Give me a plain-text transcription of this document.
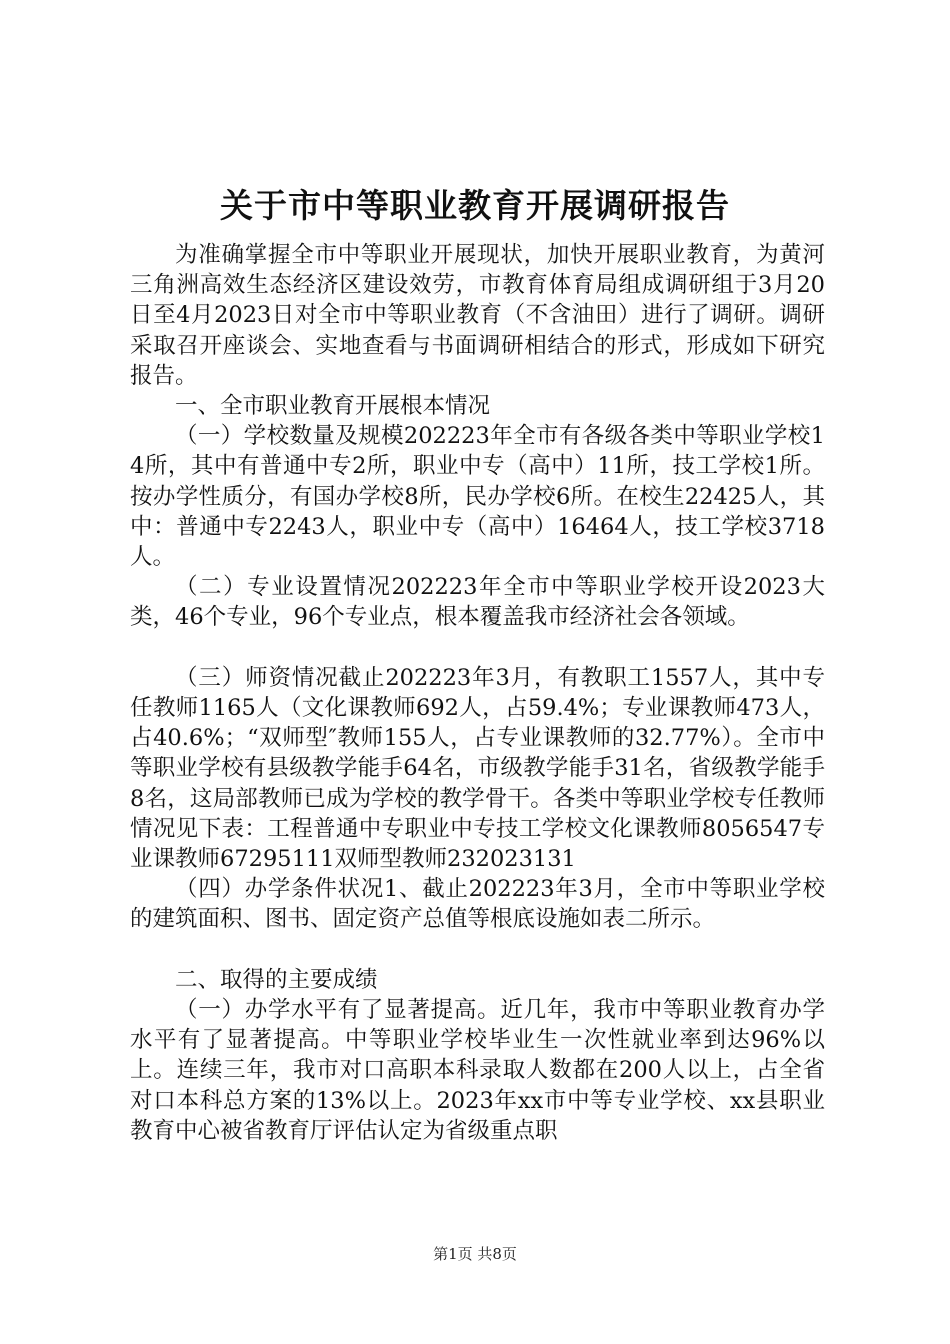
关于市中等职业教育开展调研报告

为准确掌握全市中等职业开展现状，加快开展职业教育，为黄河三角洲高效生态经济区建设效劳，市教育体育局组成调研组于3月20日至4月2023日对全市中等职业教育（不含油田）进行了调研。调研采取召开座谈会、实地查看与书面调研相结合的形式，形成如下研究报告。

一、全市职业教育开展根本情况

（一）学校数量及规模202223年全市有各级各类中等职业学校14所，其中有普通中专2所，职业中专（高中）11所，技工学校1所。按办学性质分，有国办学校8所，民办学校6所。在校生22425人，其中：普通中专2243人，职业中专（高中）16464人，技工学校3718人。

（二）专业设置情况202223年全市中等职业学校开设2023大类，46个专业，96个专业点，根本覆盖我市经济社会各领域。

（三）师资情况截止202223年3月，有教职工1557人，其中专任教师1165人（文化课教师692人，占59.4%；专业课教师473人，占40.6%；“双师型″教师155人，占专业课教师的32.77%）。全市中等职业学校有县级教学能手64名，市级教学能手31名，省级教学能手8名，这局部教师已成为学校的教学骨干。各类中等职业学校专任教师情况见下表：工程普通中专职业中专技工学校文化课教师8056547专业课教师67295111双师型教师232023131

（四）办学条件状况1、截止202223年3月，全市中等职业学校的建筑面积、图书、固定资产总值等根底设施如表二所示。

二、取得的主要成绩

（一）办学水平有了显著提高。近几年，我市中等职业教育办学水平有了显著提高。中等职业学校毕业生一次性就业率到达96%以上。连续三年，我市对口高职本科录取人数都在200人以上，占全省对口本科总方案的13%以上。2023年xx市中等专业学校、xx县职业教育中心被省教育厅评估认定为省级重点职

第1页 共8页
